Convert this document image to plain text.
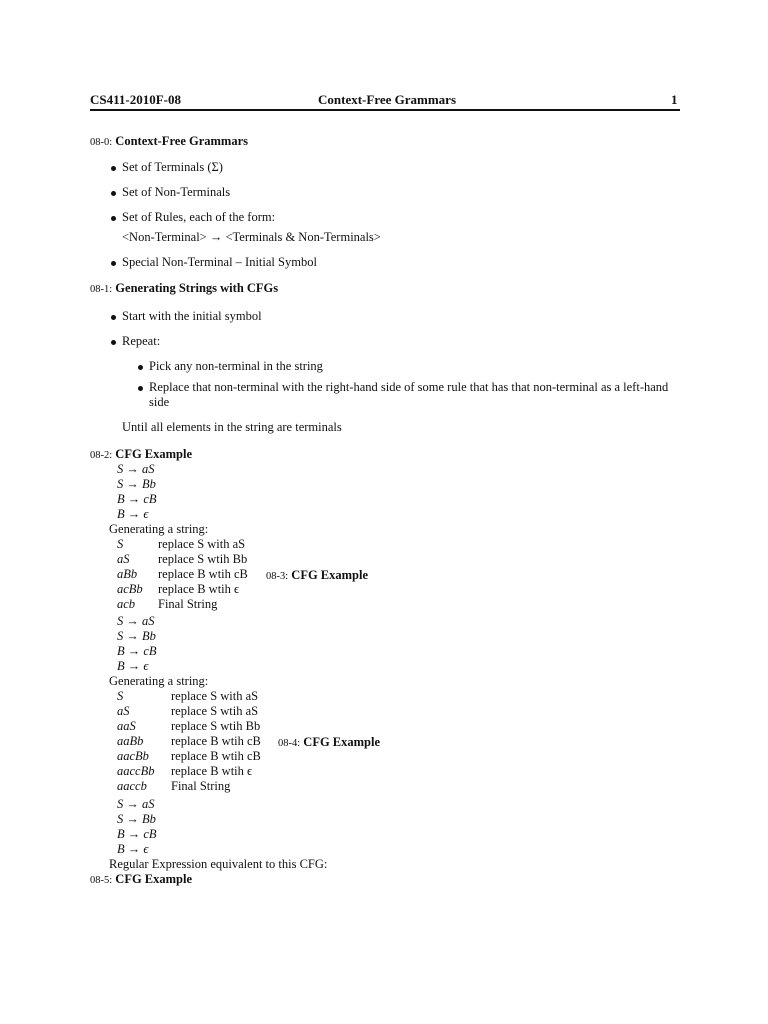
CS411-2010F-08	Context-Free Grammars	1
08-0: Context-Free Grammars
Set of Terminals (Σ)
Set of Non-Terminals
Set of Rules, each of the form:
<Non-Terminal> → <Terminals & Non-Terminals>
Special Non-Terminal – Initial Symbol
08-1: Generating Strings with CFGs
Start with the initial symbol
Repeat:
Pick any non-terminal in the string
Replace that non-terminal with the right-hand side of some rule that has that non-terminal as a left-hand
side
Until all elements in the string are terminals
08-2: CFG Example
S → aS
S → Bb
B → cB
B → ϵ
Generating a string:
S	replace S with aS
aS replace S wtih Bb
aBb replace B wtih cB
acBb replace B wtih ϵ
acb Final String
08-3: CFG Example
S → aS
S → Bb
B → cB
B → ϵ
Generating a string:
S	replace S with aS
aS	replace S wtih aS
aaS	replace S wtih Bb
aaBb replace B wtih cB
aacBb replace B wtih cB
aaccBb replace B wtih ϵ
aaccb Final String
08-4: CFG Example
S → aS
S → Bb
B → cB
B → ϵ
Regular Expression equivalent to this CFG:
08-5: CFG Example
